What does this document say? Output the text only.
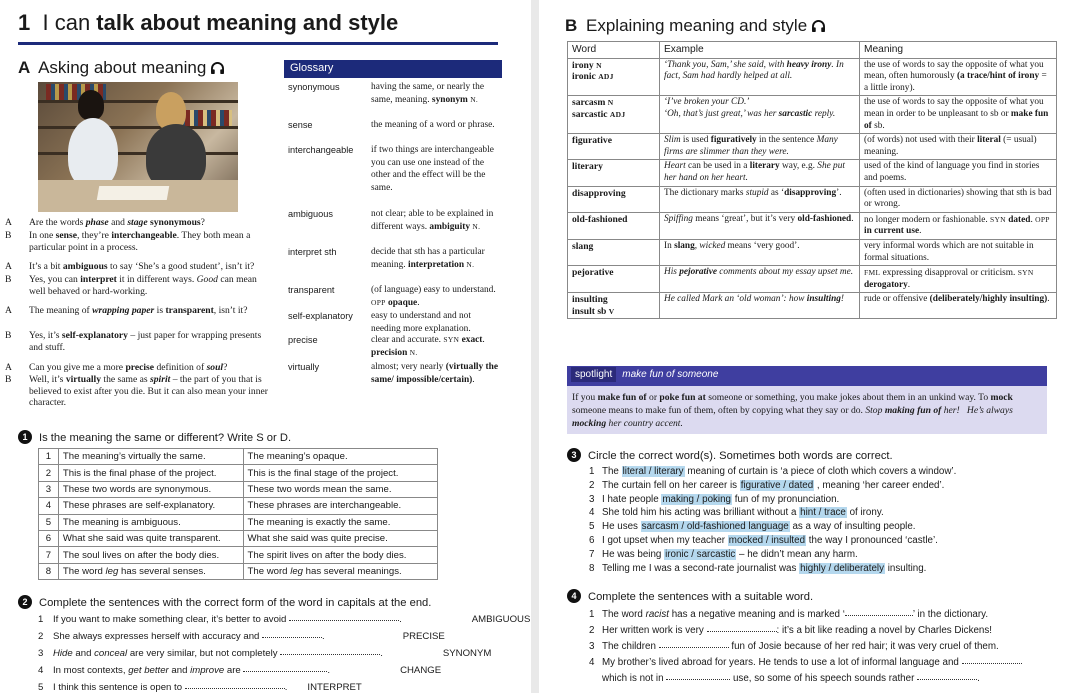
1 I can talk about meaning and style
A Asking about meaning
A Are the words phase and stage synonymous?
B In one sense, they’re interchangeable. They both mean a particular point in a process.
A It’s a bit ambiguous to say ‘She’s a good student’, isn’t it?
B Yes, you can interpret it in different ways. Good can mean well behaved or hard-working.
A The meaning of wrapping paper is transparent, isn’t it?
B Yes, it’s self-explanatory – just paper for wrapping presents and stuff.
A Can you give me a more precise definition of soul?
B Well, it’s virtually the same as spirit – the part of you that is believed to exist after you die. But it can also mean your inner character.
Glossary
synonymous	having the same, or nearly the same, meaning. synonym N.
sense	the meaning of a word or phrase.
interchangeable if two things are interchangeable you can use one instead of the other and the effect will be the same.
ambiguous	not clear; able to be explained in different ways. ambiguity N.
interpret sth	decide that sth has a particular meaning. interpretation N.
transparent	(of language) easy to understand. OPP opaque.
self-explanatory easy to understand and not needing more explanation.
precise	clear and accurate. SYN exact. precision N.
virtually	almost; very nearly (virtually the same/ impossible/certain).
1 Is the meaning the same or different? Write S or D.
1	The meaning’s virtually the same.	The meaning’s opaque.
2	This is the final phase of the project.	This is the final stage of the project.
3	These two words are synonymous.	These two words mean the same.
4	These phrases are self-explanatory.	These phrases are interchangeable.
5	The meaning is ambiguous.	The meaning is exactly the same.
6	What she said was quite transparent.	What she said was quite precise.
7	The soul lives on after the body dies.	The spirit lives on after the body dies.
8	The word leg has several senses.	The word leg has several meanings.
2 Complete the sentences with the correct form of the word in capitals at the end.
1 If you want to make something clear, it’s better to avoid	.	AMBIGUOUS
2 She always expresses herself with accuracy and	.	PRECISE
3 Hide and conceal are very similar, but not completely	.	SYNONYM
4 In most contexts, get better and improve are	.	CHANGE
5 I think this sentence is open to	. INTERPRET
B Explaining meaning and style
Word	Example	Meaning
irony N
ironic ADJ	‘Thank you, Sam,’ she said, with heavy irony. In fact, Sam had hardly helped at all.	the use of words to say the opposite of what you mean, often humorously (a trace/hint of irony = a little irony).
sarcasm N
sarcastic ADJ	‘I’ve broken your CD.’
‘Oh, that’s just great,’ was her sarcastic reply.	the use of words to say the opposite of what you mean in order to be unpleasant to sb or make fun of sb.
figurative	Slim is used figuratively in the sentence Many firms are slimmer than they were.	(of words) not used with their literal (= usual) meaning.
literary	Heart can be used in a literary way, e.g. She put her hand on her heart.	used of the kind of language you find in stories and poems.
disapproving	The dictionary marks stupid as ‘disapproving’.	(often used in dictionaries) showing that sth is bad or wrong.
old-fashioned	Spiffing means ‘great’, but it’s very old-fashioned.	no longer modern or fashionable. SYN dated. OPP in current use.
slang	In slang, wicked means ‘very good’.	very informal words which are not suitable in formal situations.
pejorative	His pejorative comments about my essay upset me.	FML expressing disapproval or criticism. SYN derogatory.
insulting
insult sb V	He called Mark an ‘old woman’: how insulting!	rude or offensive (deliberately/highly insulting).
spotlight make fun of someone
If you make fun of or poke fun at someone or something, you make jokes about them in an unkind way. To mock someone means to make fun of them, often by copying what they say or do. Stop making fun of her! He’s always mocking her country accent.
3 Circle the correct word(s). Sometimes both words are correct.
1 The literal / literary meaning of curtain is ‘a piece of cloth which covers a window’.
2 The curtain fell on her career is figurative / dated , meaning ‘her career ended’.
3 I hate people making / poking fun of my pronunciation.
4 She told him his acting was brilliant without a hint / trace of irony.
5 He uses sarcasm / old-fashioned language as a way of insulting people.
6 I got upset when my teacher mocked / insulted the way I pronounced ‘castle’.
7 He was being ironic / sarcastic – he didn’t mean any harm.
8 Telling me I was a second-rate journalist was highly / deliberately insulting.
4 Complete the sentences with a suitable word.
1 The word racist has a negative meaning and is marked ‘	’ in the dictionary.
2 Her written work is very	: it’s a bit like reading a novel by Charles Dickens!
3 The children	fun of Josie because of her red hair; it was very cruel of them.
4 My brother’s lived abroad for years. He tends to use a lot of informal language and
which is not in	use, so some of his speech sounds rather	.
